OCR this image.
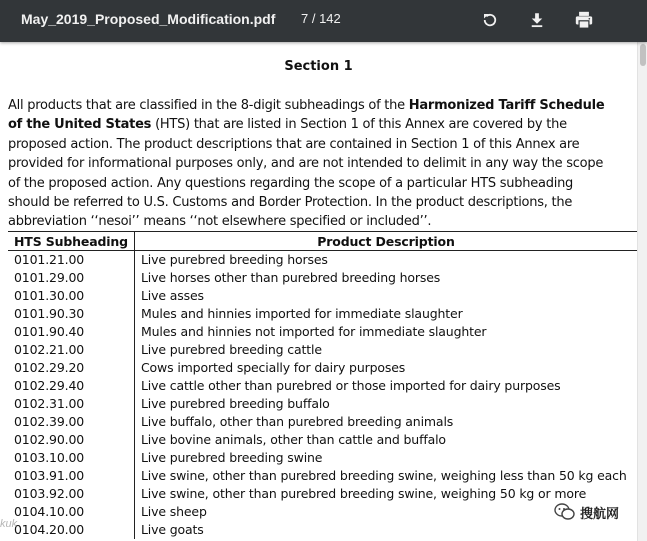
May_2019_Proposed_Modification.pdf 7 / 142
Section 1

All products that are classified in the 8-digit subheadings of the Harmonized Tariff Schedule of the United States (HTS) that are listed in Section 1 of this Annex are covered by the proposed action. The product descriptions that are contained in Section 1 of this Annex are provided for informational purposes only, and are not intended to delimit in any way the scope of the proposed action. Any questions regarding the scope of a particular HTS subheading should be referred to U.S. Customs and Border Protection. In the product descriptions, the abbreviation ‘‘nesoi’’ means ‘‘not elsewhere specified or included’’.

HTS Subheading	Product Description
0101.21.00	Live purebred breeding horses
0101.29.00	Live horses other than purebred breeding horses
0101.30.00	Live asses
0101.90.30	Mules and hinnies imported for immediate slaughter
0101.90.40	Mules and hinnies not imported for immediate slaughter
0102.21.00	Live purebred breeding cattle
0102.29.20	Cows imported specially for dairy purposes
0102.29.40	Live cattle other than purebred or those imported for dairy purposes
0102.31.00	Live purebred breeding buffalo
0102.39.00	Live buffalo, other than purebred breeding animals
0102.90.00	Live bovine animals, other than cattle and buffalo
0103.10.00	Live purebred breeding swine
0103.91.00	Live swine, other than purebred breeding swine, weighing less than 50 kg each
0103.92.00	Live swine, other than purebred breeding swine, weighing 50 kg or more
0104.10.00	Live sheep
0104.20.00	Live goats
搜航网
kuk
